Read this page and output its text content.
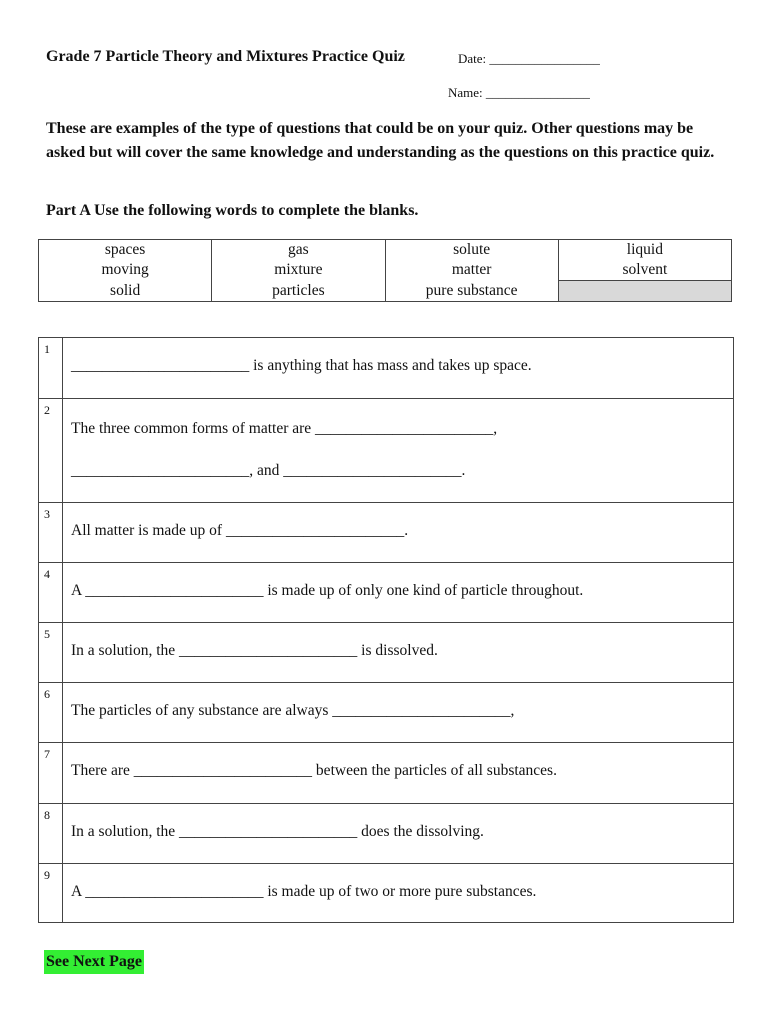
Grade 7 Particle Theory and Mixtures Practice Quiz	Date: _________________
Name: ________________
These are examples of the type of questions that could be on your quiz. Other questions may be asked but will cover the same knowledge and understanding as the questions on this practice quiz.
Part A Use the following words to complete the blanks.
spaces	gas	solute	liquid
moving	mixture	matter	solvent
solid	particles	pure substance	
1
_______________________ is anything that has mass and takes up space.
2
The three common forms of matter are _______________________,
_______________________, and _______________________.
3
All matter is made up of _______________________.
4
A _______________________ is made up of only one kind of particle throughout.
5
In a solution, the _______________________ is dissolved.
6
The particles of any substance are always _______________________,
7
There are _______________________ between the particles of all substances.
8
In a solution, the _______________________ does the dissolving.
9
A _______________________ is made up of two or more pure substances.
See Next Page
